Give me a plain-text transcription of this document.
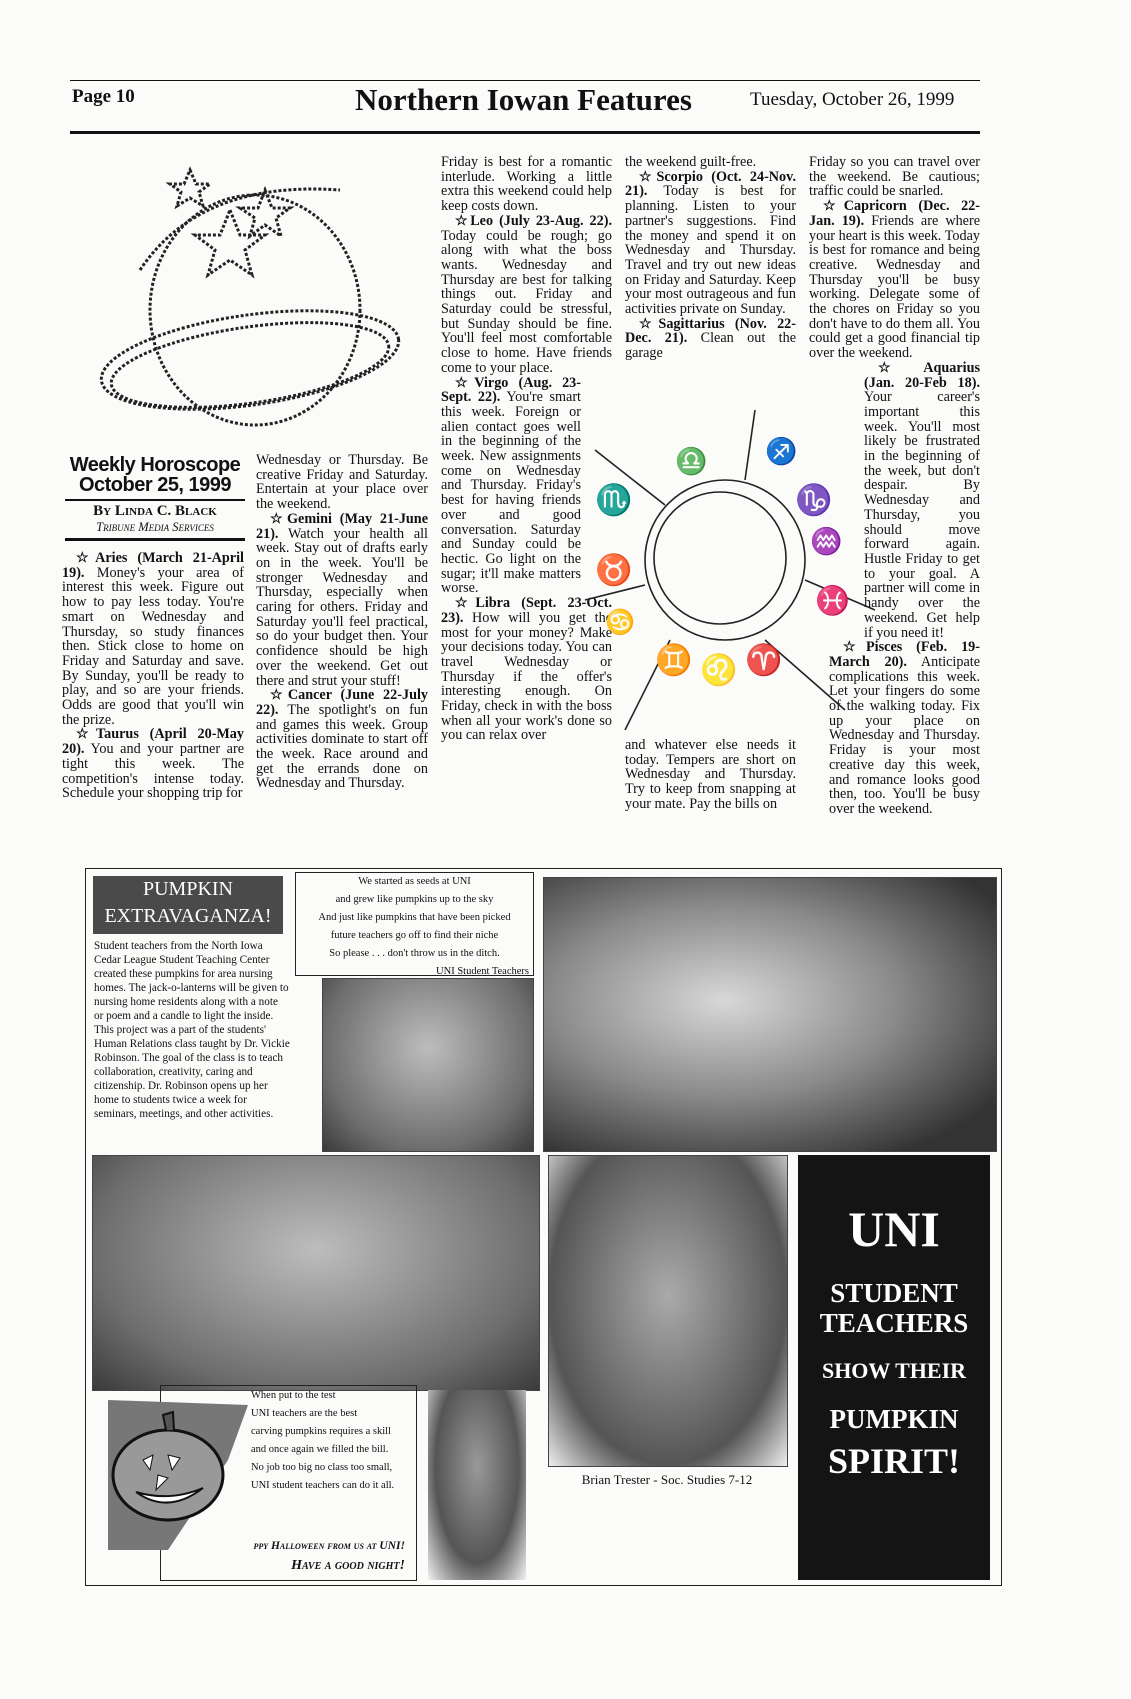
Page 10	Northern Iowan Features	Tuesday, October 26, 1999
Weekly Horoscope
October 25, 1999
By Linda C. Black
Tribune Media Services

☆Aries (March 21-April 19). Money's your area of interest this week. Figure out how to pay less today. You're smart on Wednesday and Thursday, so study finances then. Stick close to home on Friday and Saturday and save. By Sunday, you'll be ready to play, and so are your friends. Odds are good that you'll win the prize.

☆Taurus (April 20-May 20). You and your partner are tight this week. The competition's intense today. Schedule your shopping trip for

Wednesday or Thursday. Be creative Friday and Saturday. Entertain at your place over the weekend.

☆Gemini (May 21-June 21). Watch your health all week. Stay out of drafts early on in the week. You'll be stronger Wednesday and Thursday, especially when caring for others. Friday and Saturday you'll feel practical, so do your budget then. Your confidence should be high over the weekend. Get out there and strut your stuff!

☆Cancer (June 22-July 22). The spotlight's on fun and games this week. Group activities dominate to start off the week. Race around and get the errands done on Wednesday and Thursday.

Friday is best for a romantic interlude. Working a little extra this weekend could help keep costs down.

☆Leo (July 23-Aug. 22). Today could be rough; go along with what the boss wants. Wednesday and Thursday are best for talking things out. Friday and Saturday could be stressful, but Sunday should be fine. You'll feel most comfortable close to home. Have friends come to your place.

☆Virgo (Aug. 23-Sept. 22). You're smart this week. Foreign or alien contact goes well in the beginning of the week. New assignments come on Wednesday and Thursday. Friday's best for having friends over and good conversation. Saturday and Sunday could be hectic. Go light on the sugar; it'll make matters worse.

☆Libra (Sept. 23-Oct. 23). How will you get the most for your money? Make your decisions today. You can travel Wednesday or Thursday if the offer's interesting enough. On Friday, check in with the boss when all your work's done so you can relax over

the weekend guilt-free.

☆Scorpio (Oct. 24-Nov. 21). Today is best for planning. Listen to your partner's suggestions. Find the money and spend it on Wednesday and Thursday. Travel and try out new ideas on Friday and Saturday. Keep your most outrageous and fun activities private on Sunday.

☆Sagittarius (Nov. 22-Dec. 21). Clean out the garage

and whatever else needs it today. Tempers are short on Wednesday and Thursday. Try to keep from snapping at your mate. Pay the bills on

Friday so you can travel over the weekend. Be cautious; traffic could be snarled.

☆Capricorn (Dec. 22-Jan. 19). Friends are where your heart is this week. Today is best for romance and being creative. Wednesday and Thursday you'll be busy working. Delegate some of the chores on Friday so you don't have to do them all. You could get a good financial tip over the weekend.

☆Aquarius (Jan. 20-Feb 18). Your career's important this week. You'll most likely be frustrated in the beginning of the week, but don't despair. By Wednesday and Thursday, you should move forward again. Hustle Friday to get to your goal. A partner will come in handy over the weekend. Get help if you need it!

☆Pisces (Feb. 19-March 20). Anticipate complications this week. Let your fingers do some of the walking today. Fix up your place on Wednesday and Thursday. Friday is your most creative day this week, and romance looks good then, too. You'll be busy over the weekend.

♏
♎ ♐
♑
♒
♉
♋
♓
♊ ♌ ♈
PUMPKIN
EXTRAVAGANZA!
Student teachers from the North Iowa Cedar League Student Teaching Center created these pumpkins for area nursing homes. The jack-o-lanterns will be given to nursing home residents along with a note or poem and a candle to light the inside. This project was a part of the students' Human Relations class taught by Dr. Vickie Robinson. The goal of the class is to teach collaboration, creativity, caring and citizenship. Dr. Robinson opens up her home to students twice a week for seminars, meetings, and other activities.
We started as seeds at UNI
and grew like pumpkins up to the sky
And just like pumpkins that have been picked
future teachers go off to find their niche
So please . . . don't throw us in the ditch.
UNI Student Teachers
Brian Trester - Soc. Studies 7-12
UNI
STUDENT
TEACHERS
SHOW THEIR
PUMPKIN
SPIRIT!
When put to the test
UNI teachers are the best
carving pumpkins requires a skill
and once again we filled the bill.
No job too big no class too small,
UNI student teachers can do it all.
ppy Halloween from us at UNI!
Have a good night!
